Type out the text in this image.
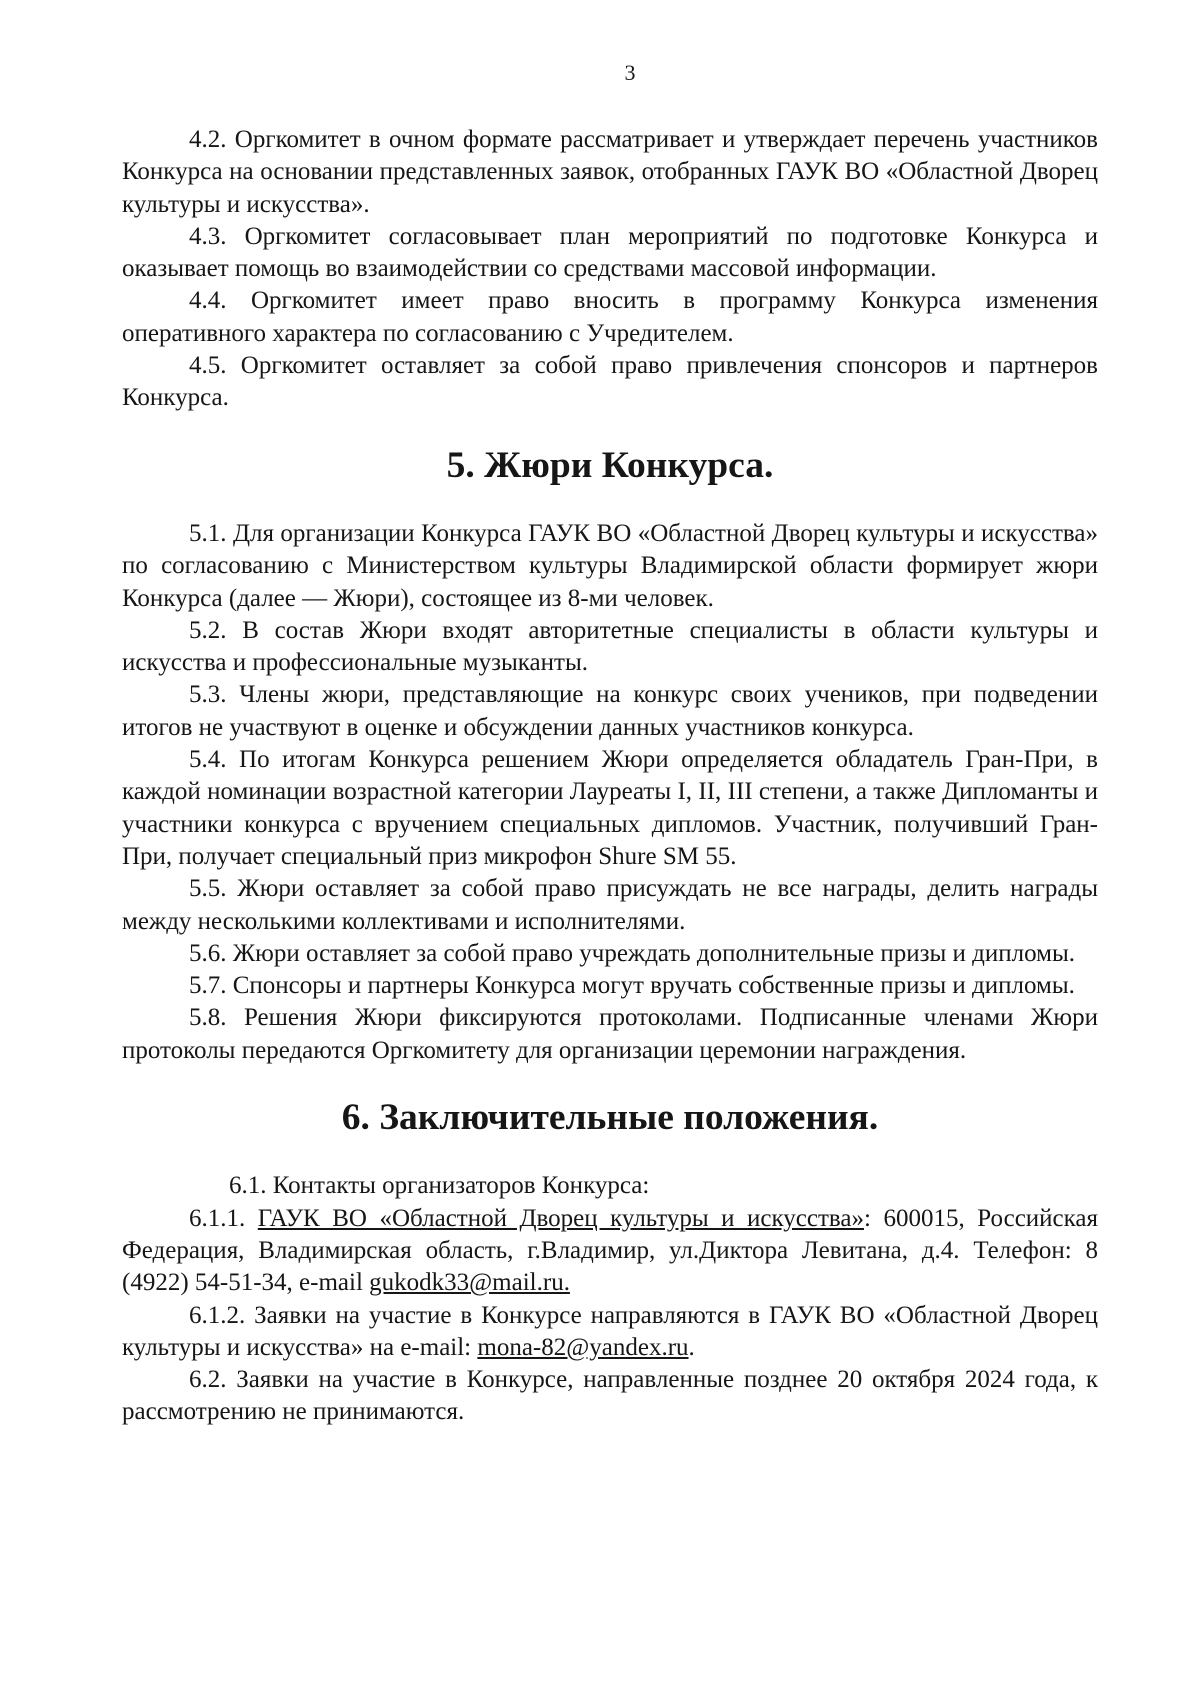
3

4.2. Оргкомитет в очном формате рассматривает и утверждает перечень участников Конкурса на основании представленных заявок, отобранных ГАУК ВО «Областной Дворец культуры и искусства».

4.3. Оргкомитет согласовывает план мероприятий по подготовке Конкурса и оказывает помощь во взаимодействии со средствами массовой информации.

4.4. Оргкомитет имеет право вносить в программу Конкурса изменения оперативного характера по согласованию с Учредителем.

4.5. Оргкомитет оставляет за собой право привлечения спонсоров и партнеров Конкурса.

5. Жюри Конкурса.

5.1. Для организации Конкурса ГАУК ВО «Областной Дворец культуры и искусства» по согласованию с Министерством культуры Владимирской области формирует жюри Конкурса (далее — Жюри), состоящее из 8-ми человек.

5.2. В состав Жюри входят авторитетные специалисты в области культуры и искусства и профессиональные музыканты.

5.3. Члены жюри, представляющие на конкурс своих учеников, при подведении итогов не участвуют в оценке и обсуждении данных участников конкурса.

5.4. По итогам Конкурса решением Жюри определяется обладатель Гран-При, в каждой номинации возрастной категории Лауреаты I, II, III степени, а также Дипломанты и участники конкурса с вручением специальных дипломов. Участник, получивший Гран-При, получает специальный приз микрофон Shure SM 55.

5.5. Жюри оставляет за собой право присуждать не все награды, делить награды между несколькими коллективами и исполнителями.

5.6. Жюри оставляет за собой право учреждать дополнительные призы и дипломы.

5.7. Спонсоры и партнеры Конкурса могут вручать собственные призы и дипломы.

5.8. Решения Жюри фиксируются протоколами. Подписанные членами Жюри протоколы передаются Оргкомитету для организации церемонии награждения.

6. Заключительные положения.

6.1. Контакты организаторов Конкурса:

6.1.1. ГАУК ВО «Областной Дворец культуры и искусства»: 600015, Российская Федерация, Владимирская область, г.Владимир, ул.Диктора Левитана, д.4. Телефон: 8 (4922) 54-51-34, e-mail gukodk33@mail.ru.

6.1.2. Заявки на участие в Конкурсе направляются в ГАУК ВО «Областной Дворец культуры и искусства» на e-mail: mona-82@yandex.ru.

6.2. Заявки на участие в Конкурсе, направленные позднее 20 октября 2024 года, к рассмотрению не принимаются.
